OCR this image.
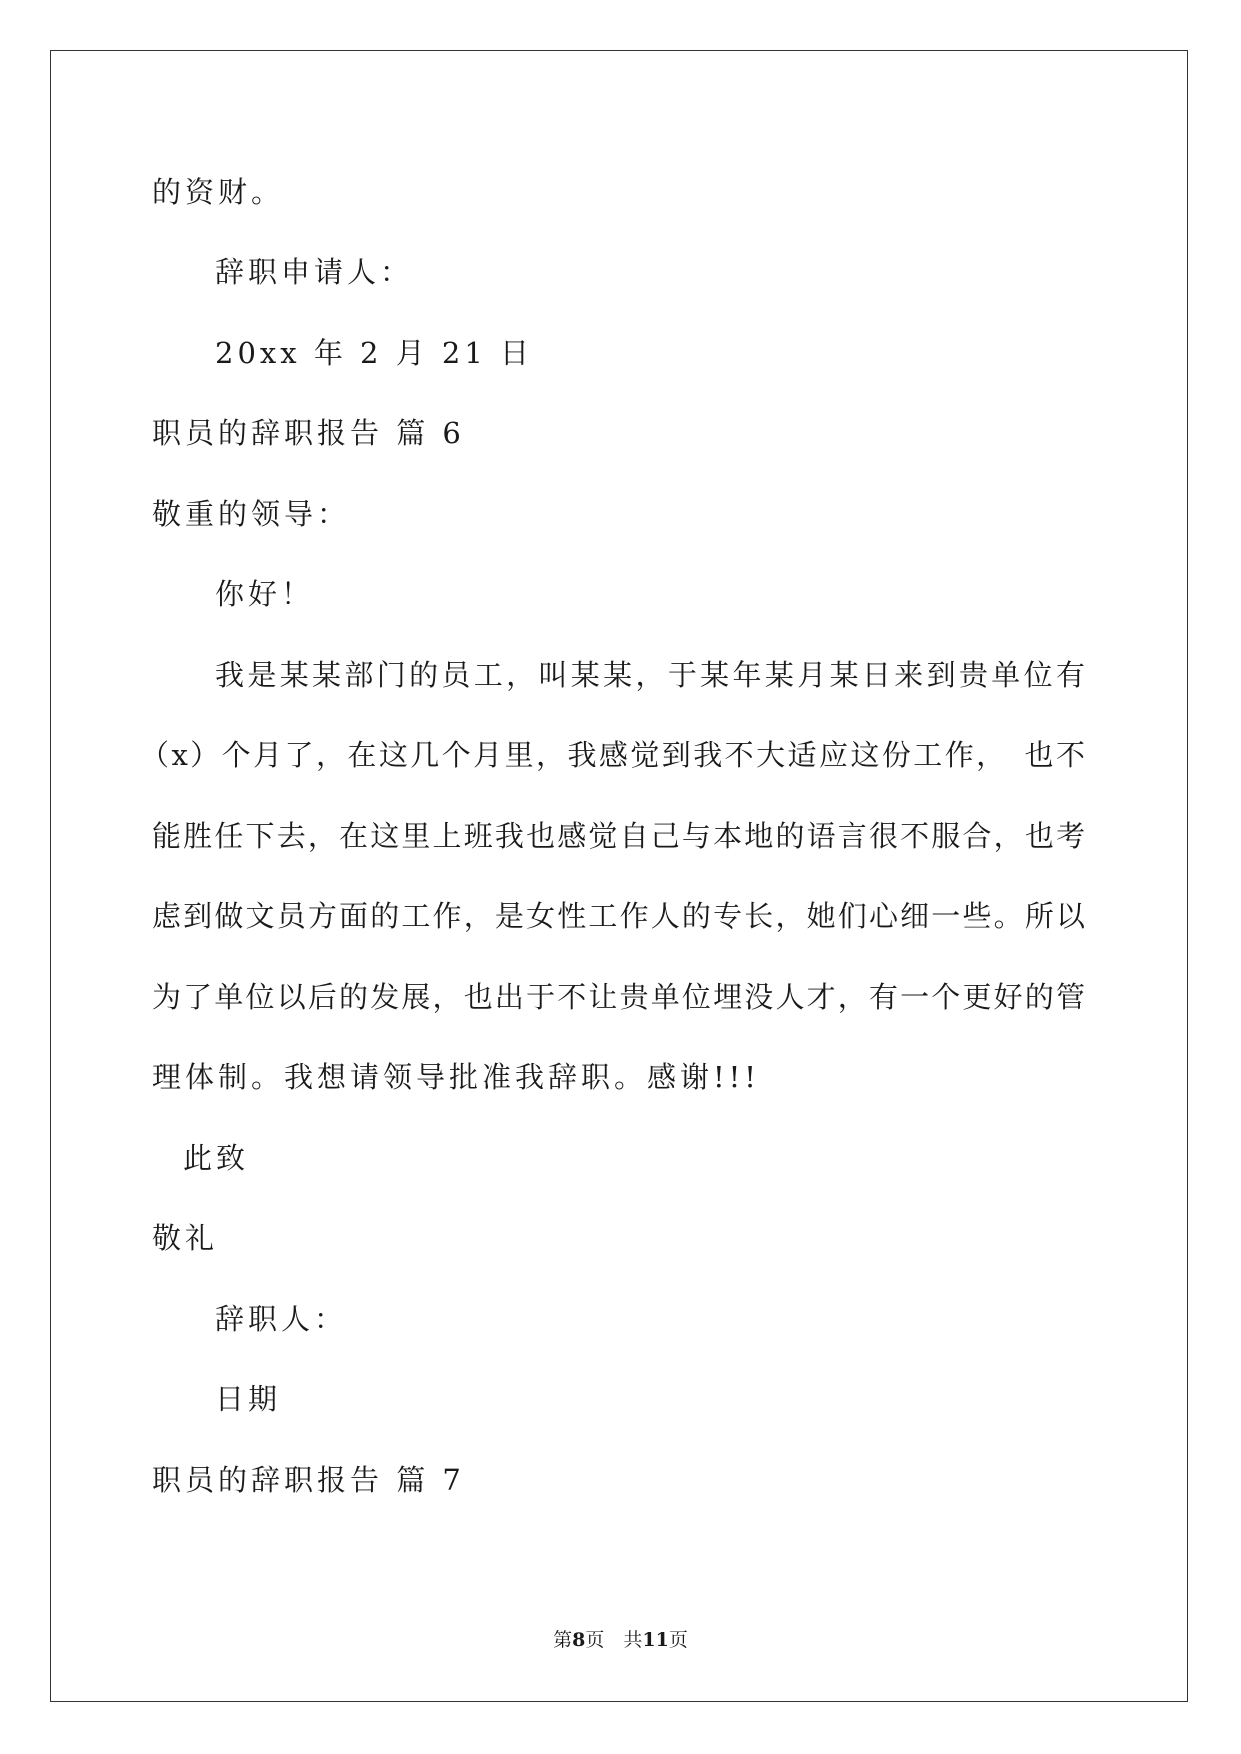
的资财。
辞职申请人：
20xx 年 2 月 21 日
职员的辞职报告 篇 6
敬重的领导：
你好！
我是某某部门的员工，叫某某，于某年某月某日来到贵单位有
（x）个月了，在这几个月里，我感觉到我不大适应这份工作，　也不
能胜任下去，在这里上班我也感觉自己与本地的语言很不服合，也考
虑到做文员方面的工作，是女性工作人的专长，她们心细一些。所以
为了单位以后的发展，也出于不让贵单位埋没人才，有一个更好的管
理体制。我想请领导批准我辞职。感谢!!!
此致
敬礼
辞职人：
日期
职员的辞职报告 篇 7
第8页　共11页
